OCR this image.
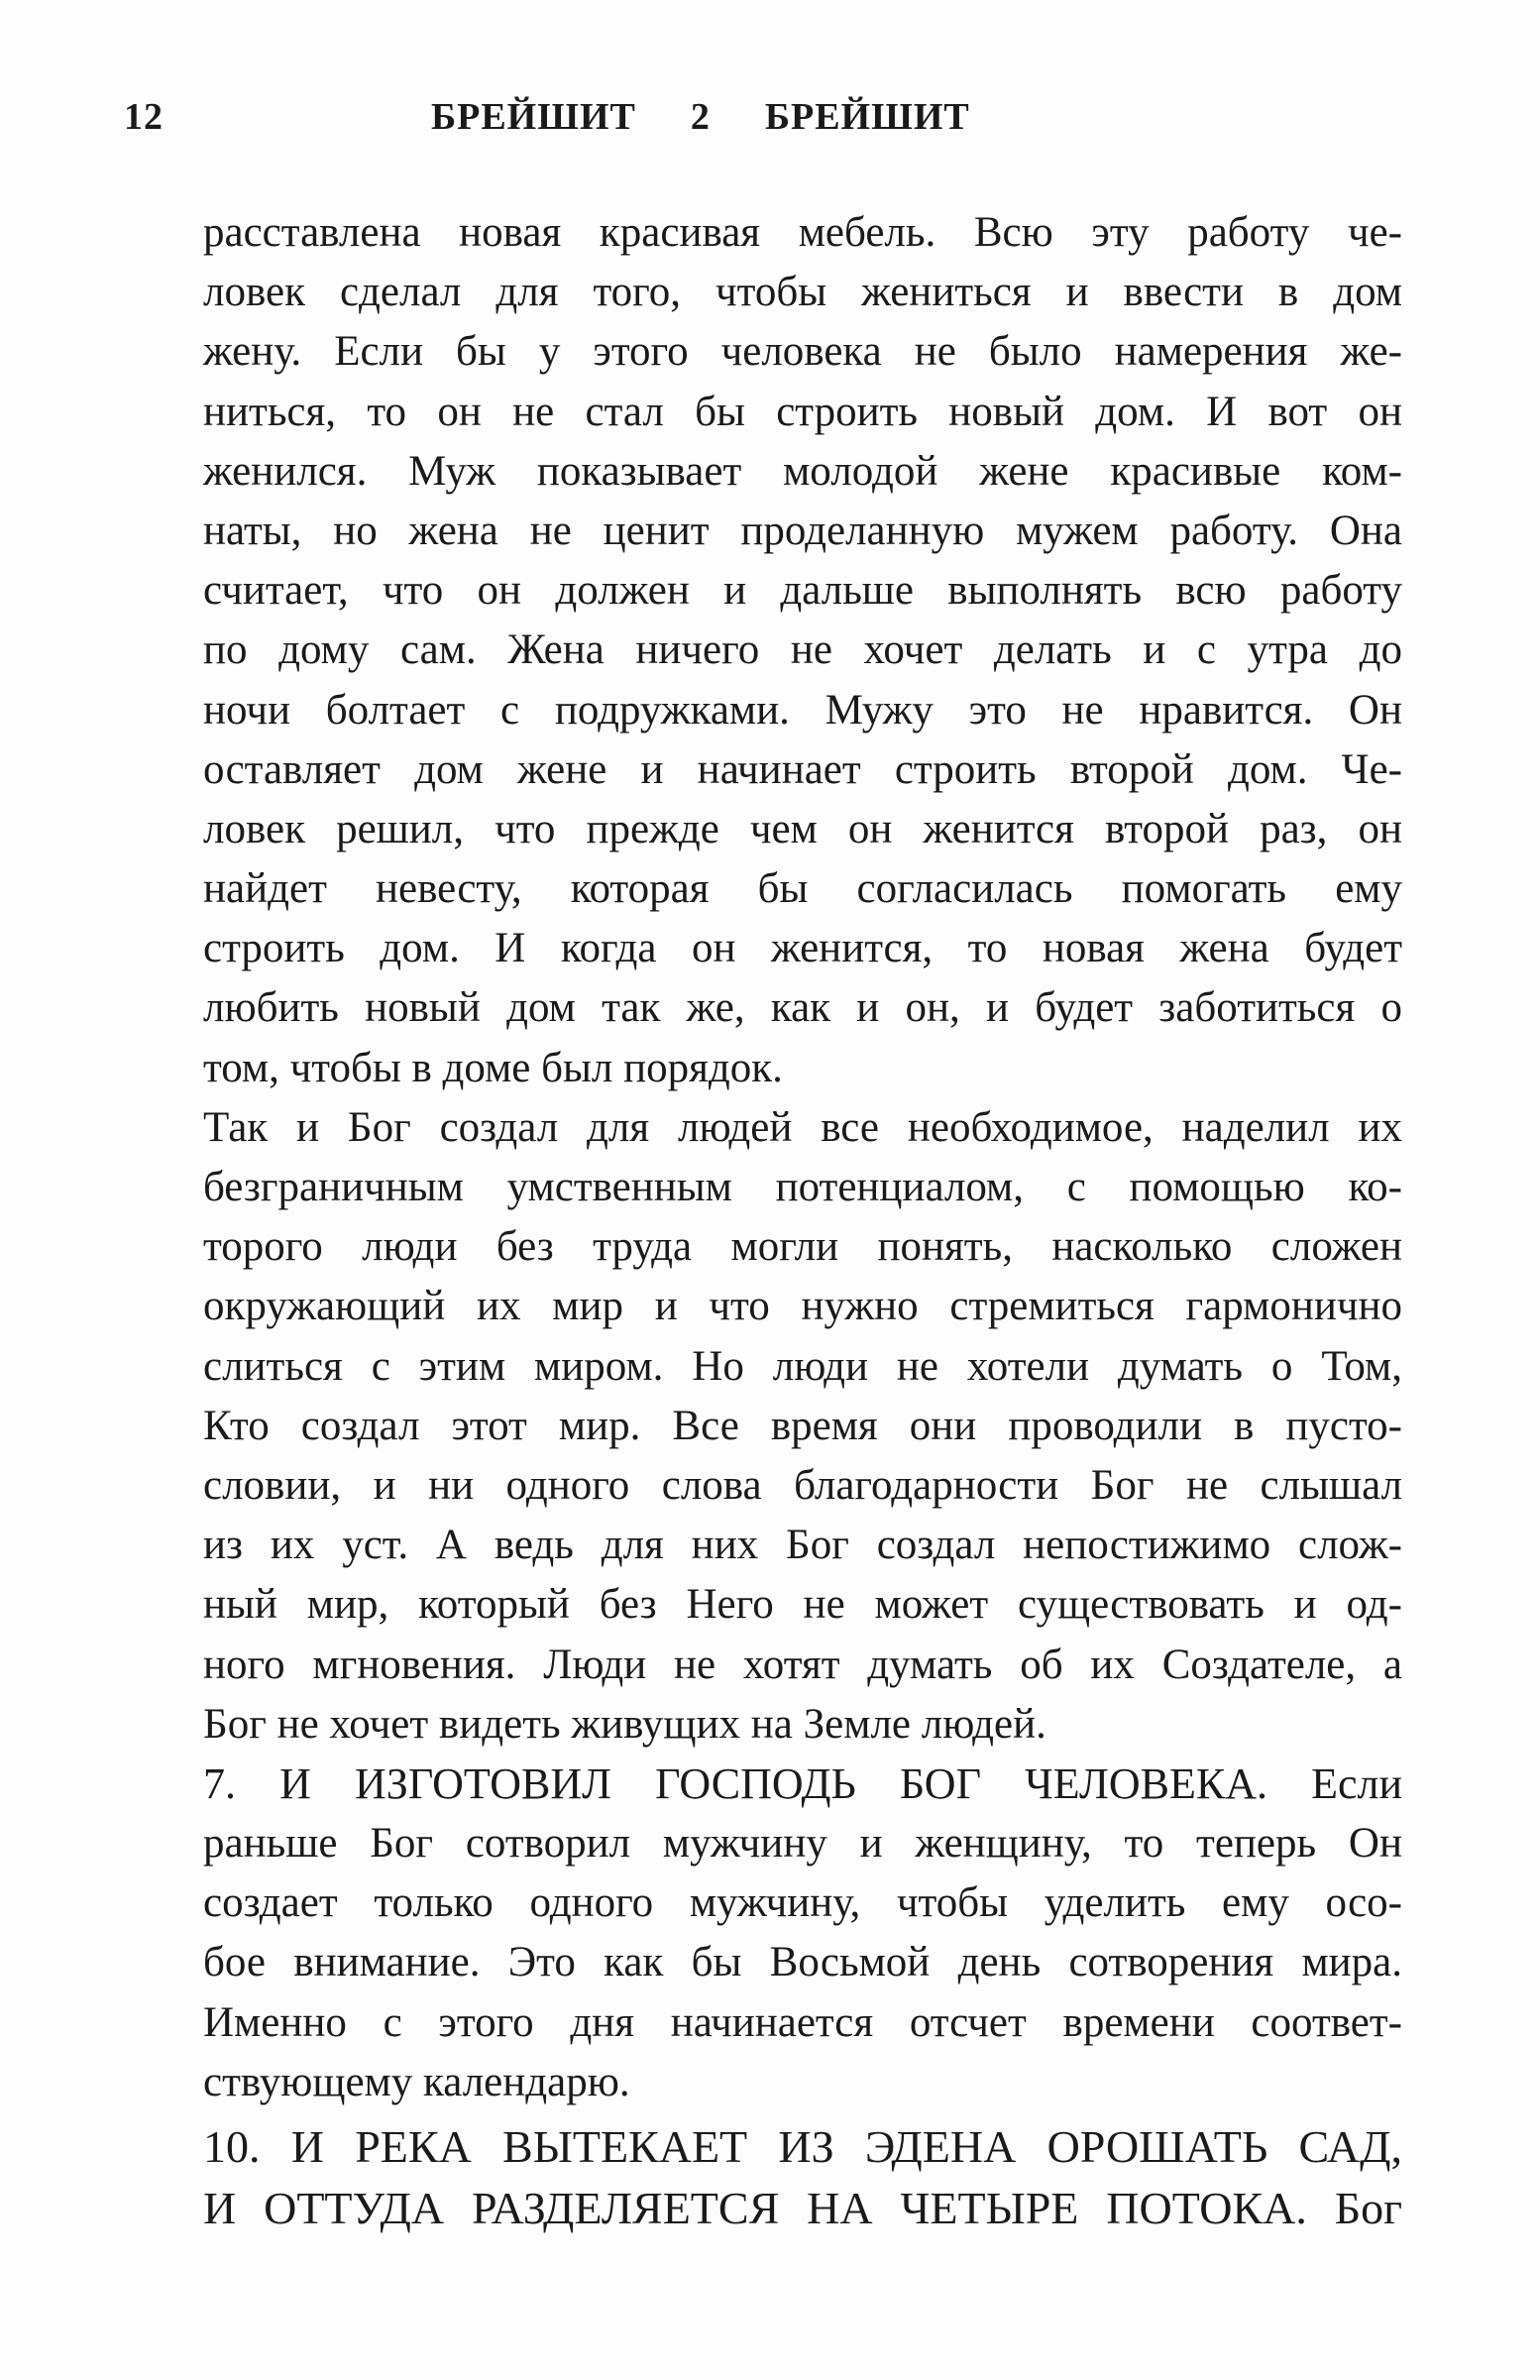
12	БРЕЙШИТ 2 БРЕЙШИТ
расставлена новая красивая мебель. Всю эту работу че-
ловек сделал для того, чтобы жениться и ввести в дом
жену. Если бы у этого человека не было намерения же-
ниться, то он не стал бы строить новый дом. И вот он
женился. Муж показывает молодой жене красивые ком-
наты, но жена не ценит проделанную мужем работу. Она
считает, что он должен и дальше выполнять всю работу
по дому сам. Жена ничего не хочет делать и с утра до
ночи болтает с подружками. Мужу это не нравится. Он
оставляет дом жене и начинает строить второй дом. Че-
ловек решил, что прежде чем он женится второй раз, он
найдет невесту, которая бы согласилась помогать ему
строить дом. И когда он женится, то новая жена будет
любить новый дом так же, как и он, и будет заботиться о
том, чтобы в доме был порядок.
Так и Бог создал для людей все необходимое, наделил их
безграничным умственным потенциалом, с помощью ко-
торого люди без труда могли понять, насколько сложен
окружающий их мир и что нужно стремиться гармонично
слиться с этим миром. Но люди не хотели думать о Том,
Кто создал этот мир. Все время они проводили в пусто-
словии, и ни одного слова благодарности Бог не слышал
из их уст. А ведь для них Бог создал непостижимо слож-
ный мир, который без Него не может существовать и од-
ного мгновения. Люди не хотят думать об их Создателе, а
Бог не хочет видеть живущих на Земле людей.
7. И ИЗГОТОВИЛ ГОСПОДЬ БОГ ЧЕЛОВЕКА. Если
раньше Бог сотворил мужчину и женщину, то теперь Он
создает только одного мужчину, чтобы уделить ему осо-
бое внимание. Это как бы Восьмой день сотворения мира.
Именно с этого дня начинается отсчет времени соответ-
ствующему календарю.
10. И РЕКА ВЫТЕКАЕТ ИЗ ЭДЕНА ОРОШАТЬ САД,
И ОТТУДА РАЗДЕЛЯЕТСЯ НА ЧЕТЫРЕ ПОТОКА. Бог
